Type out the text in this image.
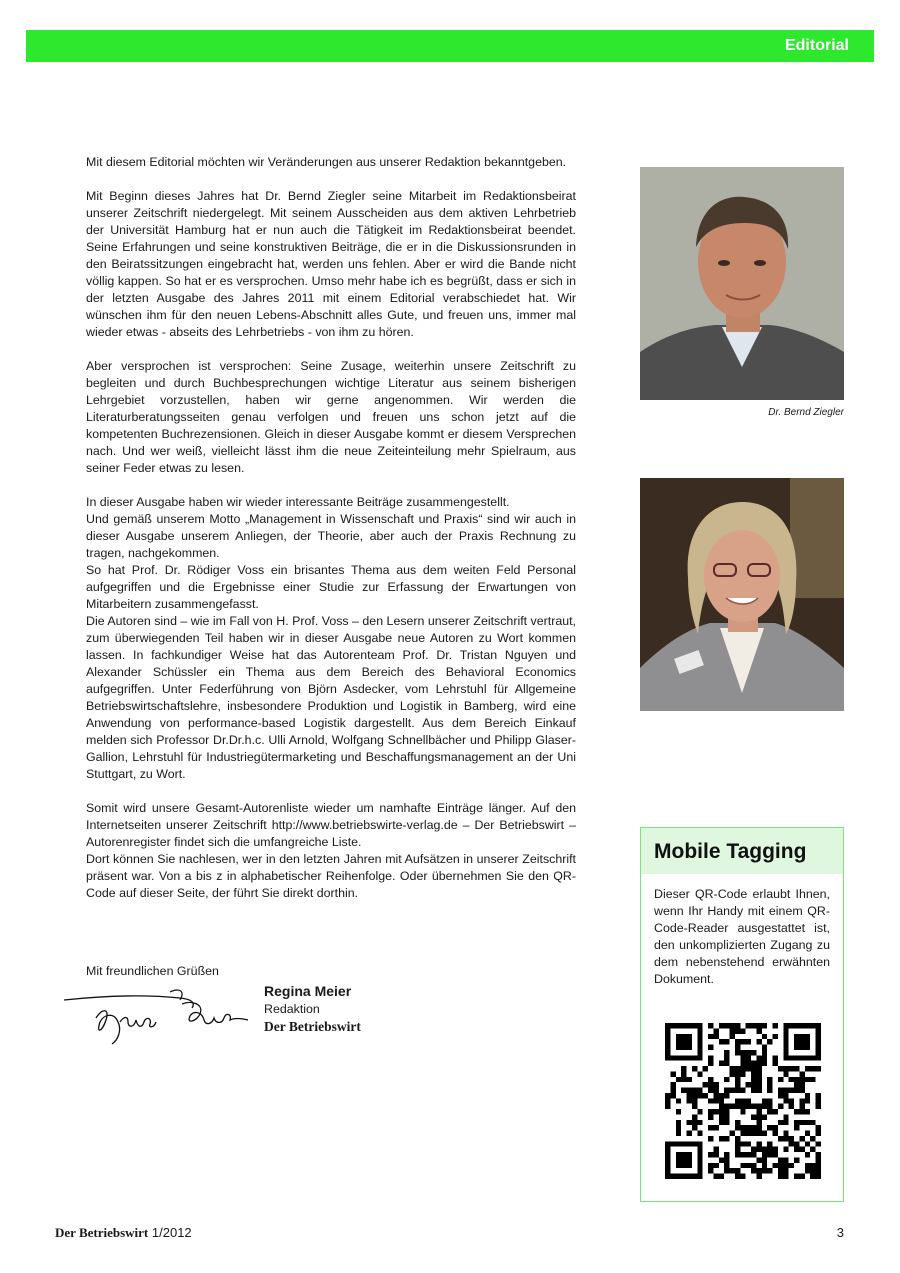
Editorial

Mit diesem Editorial möchten wir Veränderungen aus unserer Redaktion bekanntgeben.

Mit Beginn dieses Jahres hat Dr. Bernd Ziegler seine Mitarbeit im Redaktionsbeirat unserer Zeitschrift niedergelegt. Mit seinem Ausscheiden aus dem aktiven Lehrbetrieb der Universität Hamburg hat er nun auch die Tätigkeit im Redaktionsbeirat beendet. Seine Erfahrungen und seine konstruktiven Beiträge, die er in die Diskussionsrunden in den Beiratssitzungen eingebracht hat, werden uns fehlen. Aber er wird die Bande nicht völlig kappen. So hat er es versprochen. Umso mehr habe ich es begrüßt, dass er sich in der letzten Ausgabe des Jahres 2011 mit einem Editorial verabschiedet hat. Wir wünschen ihm für den neuen Lebens-Abschnitt alles Gute, und freuen uns, immer mal wieder etwas - abseits des Lehrbetriebs - von ihm zu hören.

Aber versprochen ist versprochen: Seine Zusage, weiterhin unsere Zeitschrift zu begleiten und durch Buchbesprechungen wichtige Literatur aus seinem bisherigen Lehrgebiet vorzustellen, haben wir gerne angenommen. Wir werden die Literaturberatungsseiten genau verfolgen und freuen uns schon jetzt auf die kompetenten Buchrezensionen. Gleich in dieser Ausgabe kommt er diesem Versprechen nach. Und wer weiß, vielleicht lässt ihm die neue Zeiteinteilung mehr Spielraum, aus seiner Feder etwas zu lesen.

In dieser Ausgabe haben wir wieder interessante Beiträge zusammengestellt.

Und gemäß unserem Motto „Management in Wissenschaft und Praxis“ sind wir auch in dieser Ausgabe unserem Anliegen, der Theorie, aber auch der Praxis Rechnung zu tragen, nachgekommen.

So hat Prof. Dr. Rödiger Voss ein brisantes Thema aus dem weiten Feld Personal aufgegriffen und die Ergebnisse einer Studie zur Erfassung der Erwartungen von Mitarbeitern zusammengefasst.

Die Autoren sind – wie im Fall von H. Prof. Voss – den Lesern unserer Zeitschrift vertraut, zum überwiegenden Teil haben wir in dieser Ausgabe neue Autoren zu Wort kommen lassen. In fachkundiger Weise hat das Autorenteam Prof. Dr. Tristan Nguyen und Alexander Schüssler ein Thema aus dem Bereich des Behavioral Economics aufgegriffen. Unter Federführung von Björn Asdecker, vom Lehrstuhl für Allgemeine Betriebswirtschaftslehre, insbesondere Produktion und Logistik in Bamberg, wird eine Anwendung von performance-based Logistik dargestellt. Aus dem Bereich Einkauf melden sich Professor Dr.Dr.h.c. Ulli Arnold, Wolfgang Schnellbächer und Philipp Glaser-Gallion, Lehrstuhl für Industriegütermarketing und Beschaffungsmanagement an der Uni Stuttgart, zu Wort.

Somit wird unsere Gesamt-Autorenliste wieder um namhafte Einträge länger. Auf den Internetseiten unserer Zeitschrift http://www.betriebswirte-verlag.de – Der Betriebswirt – Autorenregister findet sich die umfangreiche Liste.

Dort können Sie nachlesen, wer in den letzten Jahren mit Aufsätzen in unserer Zeitschrift präsent war. Von a bis z in alphabetischer Reihenfolge. Oder übernehmen Sie den QR-Code auf dieser Seite, der führt Sie direkt dorthin.

Mit freundlichen Grüßen
Regina Meier
Redaktion
Der Betriebswirt
Dr. Bernd Ziegler
Mobile Tagging
Dieser QR-Code erlaubt Ihnen, wenn Ihr Handy mit einem QR-Code-Reader ausgestattet ist, den unkomplizierten Zugang zu dem nebenstehend erwähnten Dokument.
Der Betriebswirt 1/2012	3
